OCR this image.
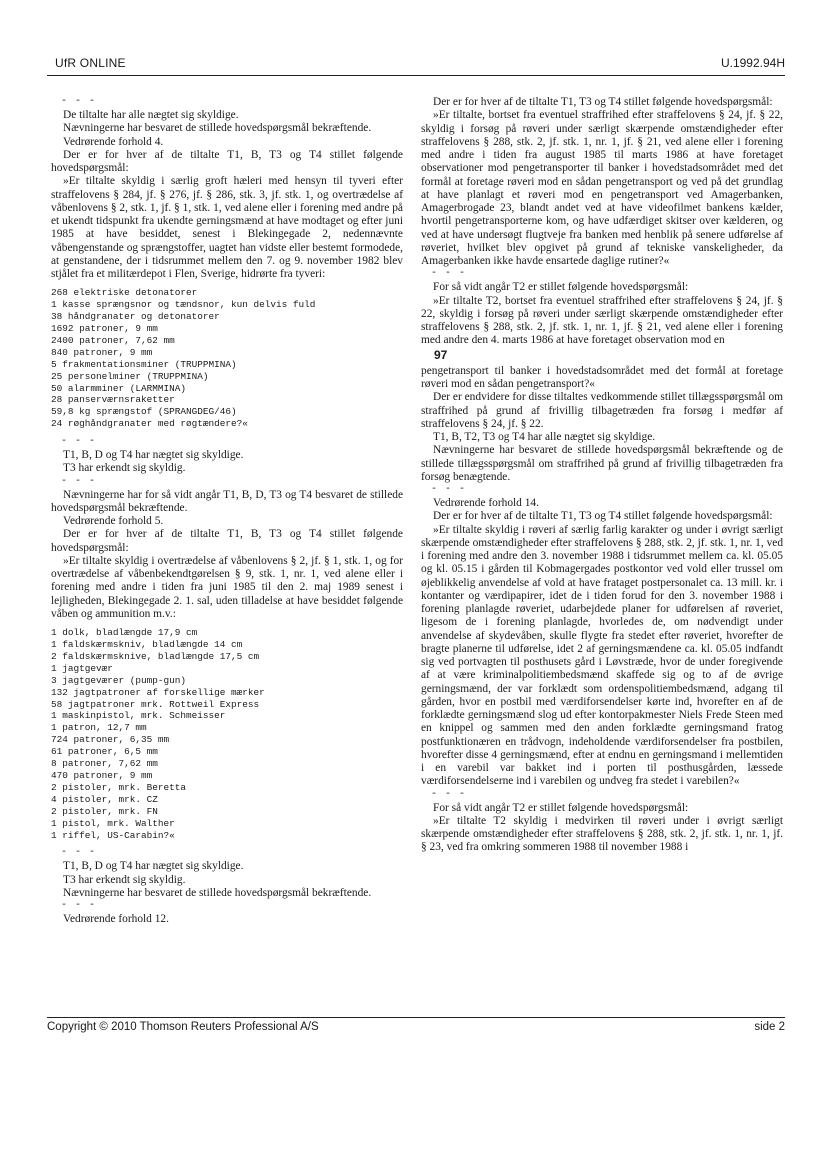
UfR ONLINE	U.1992.94H
- - -

De tiltalte har alle nægtet sig skyldige.

Nævningerne har besvaret de stillede hovedspørgsmål bekræftende.

Vedrørende forhold 4.

Der er for hver af de tiltalte T1, B, T3 og T4 stillet følgende hovedspørgsmål:

»Er tiltalte skyldig i særlig groft hæleri med hensyn til tyveri efter straffelovens § 284, jf. § 276, jf. § 286, stk. 3, jf. stk. 1, og overtrædelse af våbenlovens § 2, stk. 1, jf. § 1, stk. 1, ved alene eller i forening med andre på et ukendt tidspunkt fra ukendte gerningsmænd at have modtaget og efter juni 1985 at have besiddet, senest i Blekingegade 2, nedennævnte våbengenstande og sprængstoffer, uagtet han vidste eller bestemt formodede, at genstandene, der i tidsrummet mellem den 7. og 9. november 1982 blev stjålet fra et militærdepot i Flen, Sverige, hidrørte fra tyveri:

268 elektriske detonatorer
1 kasse sprængsnor og tændsnor, kun delvis fuld
38 håndgranater og detonatorer
1692 patroner, 9 mm
2400 patroner, 7,62 mm
840 patroner, 9 mm
5 frakmentationsminer (TRUPPMINA)
25 personelminer (TRUPPMINA)
50 alarmminer (LARMMINA)
28 panserværnsraketter
59,8 kg sprængstof (SPRANGDEG/46)
24 røghåndgranater med røgtændere?«
- - -

T1, B, D og T4 har nægtet sig skyldige.

T3 har erkendt sig skyldig.

- - -

Nævningerne har for så vidt angår T1, B, D, T3 og T4 besvaret de stillede hovedspørgsmål bekræftende.

Vedrørende forhold 5.

Der er for hver af de tiltalte T1, B, T3 og T4 stillet følgende hovedspørgsmål:

»Er tiltalte skyldig i overtrædelse af våbenlovens § 2, jf. § 1, stk. 1, og for overtrædelse af våbenbekendtgørelsen § 9, stk. 1, nr. 1, ved alene eller i forening med andre i tiden fra juni 1985 til den 2. maj 1989 senest i lejligheden, Blekingegade 2. 1. sal, uden tilladelse at have besiddet følgende våben og ammunition m.v.:

1 dolk, bladlængde 17,9 cm
1 faldskærmskniv, bladlængde 14 cm
2 faldskærmsknive, bladlængde 17,5 cm
1 jagtgevær
3 jagtgeværer (pump-gun)
132 jagtpatroner af forskellige mærker
58 jagtpatroner mrk. Rottweil Express
1 maskinpistol, mrk. Schmeisser
1 patron, 12,7 mm
724 patroner, 6,35 mm
61 patroner, 6,5 mm
8 patroner, 7,62 mm
470 patroner, 9 mm
2 pistoler, mrk. Beretta
4 pistoler, mrk. CZ
2 pistoler, mrk. FN
1 pistol, mrk. Walther
1 riffel, US-Carabin?«
- - -

T1, B, D og T4 har nægtet sig skyldige.

T3 har erkendt sig skyldig.

Nævningerne har besvaret de stillede hovedspørgsmål bekræftende.

- - -

Vedrørende forhold 12.

Der er for hver af de tiltalte T1, T3 og T4 stillet følgende hovedspørgsmål:

»Er tiltalte, bortset fra eventuel straffrihed efter straffelovens § 24, jf. § 22, skyldig i forsøg på røveri under særligt skærpende omstændigheder efter straffelovens § 288, stk. 2, jf. stk. 1, nr. 1, jf. § 21, ved alene eller i forening med andre i tiden fra august 1985 til marts 1986 at have foretaget observationer mod pengetransporter til banker i hovedstadsområdet med det formål at foretage røveri mod en sådan pengetransport og ved på det grundlag at have planlagt et røveri mod en pengetransport ved Amagerbanken, Amagerbrogade 23, blandt andet ved at have videofilmet bankens kælder, hvortil pengetransporterne kom, og have udfærdiget skitser over kælderen, og ved at have undersøgt flugtveje fra banken med henblik på senere udførelse af røveriet, hvilket blev opgivet på grund af tekniske vanskeligheder, da Amagerbanken ikke havde ensartede daglige rutiner?«

- - -

For så vidt angår T2 er stillet følgende hovedspørgsmål:

»Er tiltalte T2, bortset fra eventuel straffrihed efter straffelovens § 24, jf. § 22, skyldig i forsøg på røveri under særligt skærpende omstændigheder efter straffelovens § 288, stk. 2, jf. stk. 1, nr. 1, jf. § 21, ved alene eller i forening med andre den 4. marts 1986 at have foretaget observation mod en

97

pengetransport til banker i hovedstadsområdet med det formål at foretage røveri mod en sådan pengetransport?«

Der er endvidere for disse tiltaltes vedkommende stillet tillægsspørgsmål om straffrihed på grund af frivillig tilbagetræden fra forsøg i medfør af straffelovens § 24, jf. § 22.

T1, B, T2, T3 og T4 har alle nægtet sig skyldige.

Nævningerne har besvaret de stillede hovedspørgsmål bekræftende og de stillede tillægsspørgsmål om straffrihed på grund af frivillig tilbagetræden fra forsøg benægtende.

- - -

Vedrørende forhold 14.

Der er for hver af de tiltalte T1, T3 og T4 stillet følgende hovedspørgsmål:

»Er tiltalte skyldig i røveri af særlig farlig karakter og under i øvrigt særligt skærpende omstændigheder efter straffelovens § 288, stk. 2, jf. stk. 1, nr. 1, ved i forening med andre den 3. november 1988 i tidsrummet mellem ca. kl. 05.05 og kl. 05.15 i gården til Kobmagergades postkontor ved vold eller trussel om øjeblikkelig anvendelse af vold at have frataget postpersonalet ca. 13 mill. kr. i kontanter og værdipapirer, idet de i tiden forud for den 3. november 1988 i forening planlagde røveriet, udarbejdede planer for udførelsen af røveriet, ligesom de i forening planlagde, hvorledes de, om nødvendigt under anvendelse af skydevåben, skulle flygte fra stedet efter røveriet, hvorefter de bragte planerne til udførelse, idet 2 af gerningsmændene ca. kl. 05.05 indfandt sig ved portvagten til posthusets gård i Løvstræde, hvor de under foregivende af at være kriminalpolitiembedsmænd skaffede sig og to af de øvrige gerningsmænd, der var forklædt som ordenspolitiembedsmænd, adgang til gården, hvor en postbil med værdiforsendelser kørte ind, hvorefter en af de forklædte gerningsmænd slog ud efter kontorpakmester Niels Frede Steen med en knippel og sammen med den anden forklædte gerningsmand fratog postfunktionæren en trådvogn, indeholdende værdiforsendelser fra postbilen, hvorefter disse 4 gerningsmænd, efter at endnu en gerningsmand i mellemtiden i en varebil var bakket ind i porten til posthusgården, læssede værdiforsendelserne ind i varebilen og undveg fra stedet i varebilen?«

- - -

For så vidt angår T2 er stillet følgende hovedspørgsmål:

»Er tiltalte T2 skyldig i medvirken til røveri under i øvrigt særligt skærpende omstændigheder efter straffelovens § 288, stk. 2, jf. stk. 1, nr. 1, jf. § 23, ved fra omkring sommeren 1988 til november 1988 i

Copyright © 2010 Thomson Reuters Professional A/S	side 2
